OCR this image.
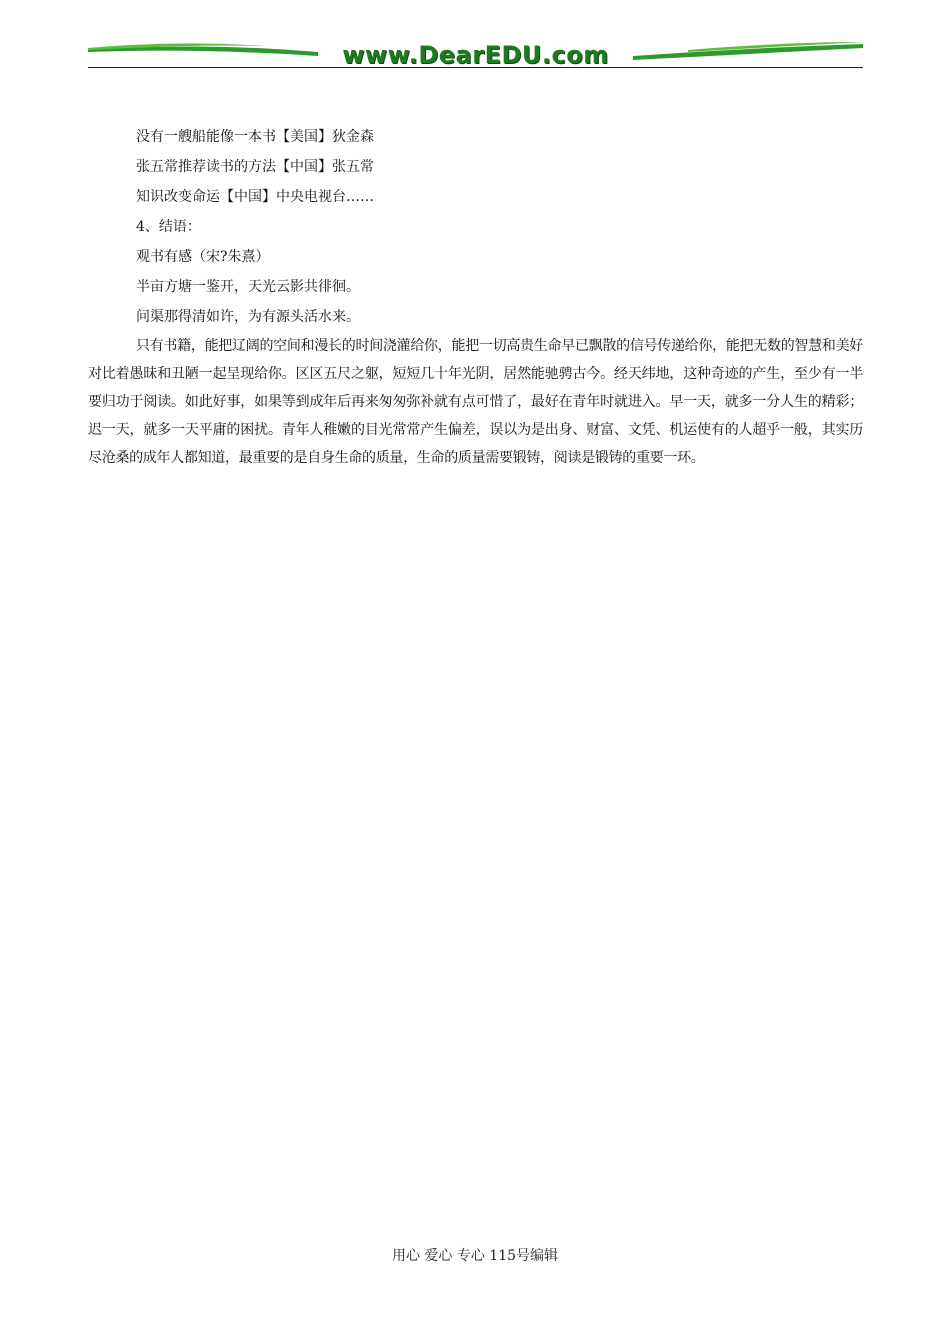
www.DearEDU.com

没有一艘船能像一本书【美国】狄金森

张五常推荐读书的方法【中国】张五常

知识改变命运【中国】中央电视台……

4、结语：

观书有感（宋?朱熹）

半亩方塘一鉴开，天光云影共徘徊。

问渠那得清如许，为有源头活水来。

只有书籍，能把辽阔的空间和漫长的时间浇灌给你，能把一切高贵生命早已飘散的信号传递给你，能把无数的智慧和美好对比着愚昧和丑陋一起呈现给你。区区五尺之躯，短短几十年光阴，居然能驰骋古今。经天纬地，这种奇迹的产生，至少有一半要归功于阅读。如此好事，如果等到成年后再来匆匆弥补就有点可惜了，最好在青年时就进入。早一天，就多一分人生的精彩；迟一天，就多一天平庸的困扰。青年人稚嫩的目光常常产生偏差，误以为是出身、财富、文凭、机运使有的人超乎一般，其实历尽沧桑的成年人都知道，最重要的是自身生命的质量，生命的质量需要锻铸，阅读是锻铸的重要一环。

用心 爱心 专心 115号编辑
